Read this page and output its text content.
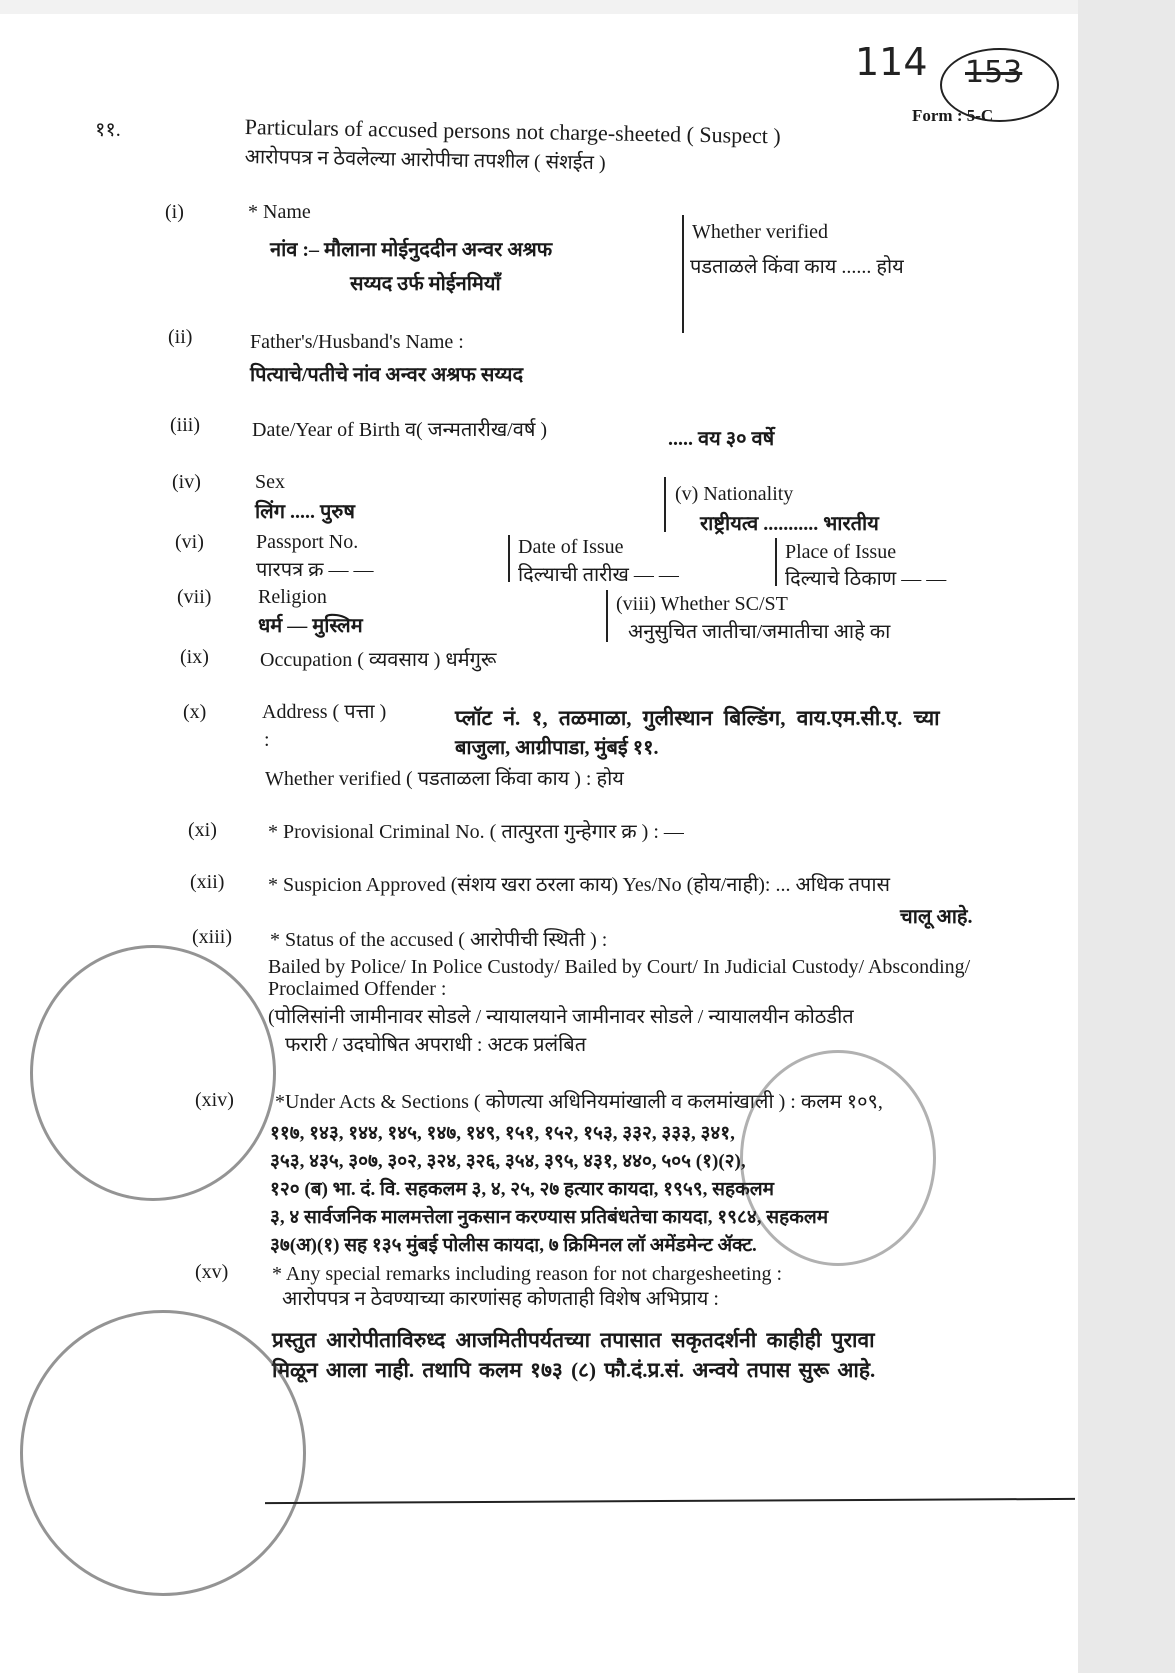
114 153
Form : 5-C
११.	Particulars of accused persons not charge-sheeted ( Suspect )
आरोपपत्र न ठेवलेल्या आरोपीचा तपशील ( संशईत )
(i)	* Name
नांव :– मौलाना मोईनुददीन अन्वर अश्रफ
सय्यद उर्फ मोईनमियॉं
Whether verified
पडताळले किंवा काय ...... होय
(ii)	Father's/Husband's Name :
पित्याचे/पतीचे नांव अन्वर अश्रफ सय्यद
(iii)	Date/Year of Birth व( जन्मतारीख/वर्ष )	..... वय ३० वर्षे
(iv)	Sex
लिंग ..... पुरुष
(v) Nationality
राष्ट्रीयत्व ........... भारतीय
(vi)	Passport No.
पारपत्र क्र — —
Date of Issue
दिल्याची तारीख — —
Place of Issue
दिल्याचे ठिकाण — —
(vii) Religion
धर्म — मुस्लिम
(viii) Whether SC/ST
अनुसुचित जातीचा/जमातीचा आहे का
(ix)	Occupation ( व्यवसाय ) धर्मगुरू
(x)	Address ( पत्ता )
:
प्लॉट नं. १, तळमाळा, गुलीस्थान बिल्डिंग, वाय.एम.सी.ए. च्या
बाजुला, आग्रीपाडा, मुंबई ११.
Whether verified ( पडताळला किंवा काय ) : होय
(xi)	* Provisional Criminal No. ( तात्पुरता गुन्हेगार क्र ) : ––
(xii) * Suspicion Approved (संशय खरा ठरला काय) Yes/No (होय/नाही): ... अधिक तपास
चालू आहे.
(xiii) * Status of the accused ( आरोपीची स्थिती ) :
Bailed by Police/ In Police Custody/ Bailed by Court/ In Judicial Custody/ Absconding/
Proclaimed Offender :
(पोलिसांनी जामीनावर सोडले / न्यायालयाने जामीनावर सोडले / न्यायालयीन कोठडीत
फरारी / उदघोषित अपराधी : अटक प्रलंबित
(xiv) *Under Acts & Sections ( कोणत्या अधिनियमांखाली व कलमांखाली ) : कलम १०९,
११७, १४३, १४४, १४५, १४७, १४९, १५१, १५२, १५३, ३३२, ३३३, ३४१,
३५३, ४३५, ३०७, ३०२, ३२४, ३२६, ३५४, ३९५, ४३१, ४४०, ५०५ (१)(२),
१२० (ब) भा. दं. वि. सहकलम ३, ४, २५, २७ हत्यार कायदा, १९५९, सहकलम
३, ४ सार्वजनिक मालमत्तेला नुकसान करण्यास प्रतिबंधतेचा कायदा, १९८४, सहकलम
३७(अ)(१) सह १३५ मुंबई पोलीस कायदा, ७ क्रिमिनल लॉ अमेंडमेन्ट ॲक्ट.
(xv) * Any special remarks including reason for not chargesheeting :
आरोपपत्र न ठेवण्याच्या कारणांसह कोणताही विशेष अभिप्राय :
प्रस्तुत आरोपीताविरुध्द आजमितीपर्यतच्या तपासात सकृतदर्शनी काहीही पुरावा
मिळून आला नाही. तथापि कलम १७३ (८) फौ.दं.प्र.सं. अन्वये तपास सुरू आहे.
